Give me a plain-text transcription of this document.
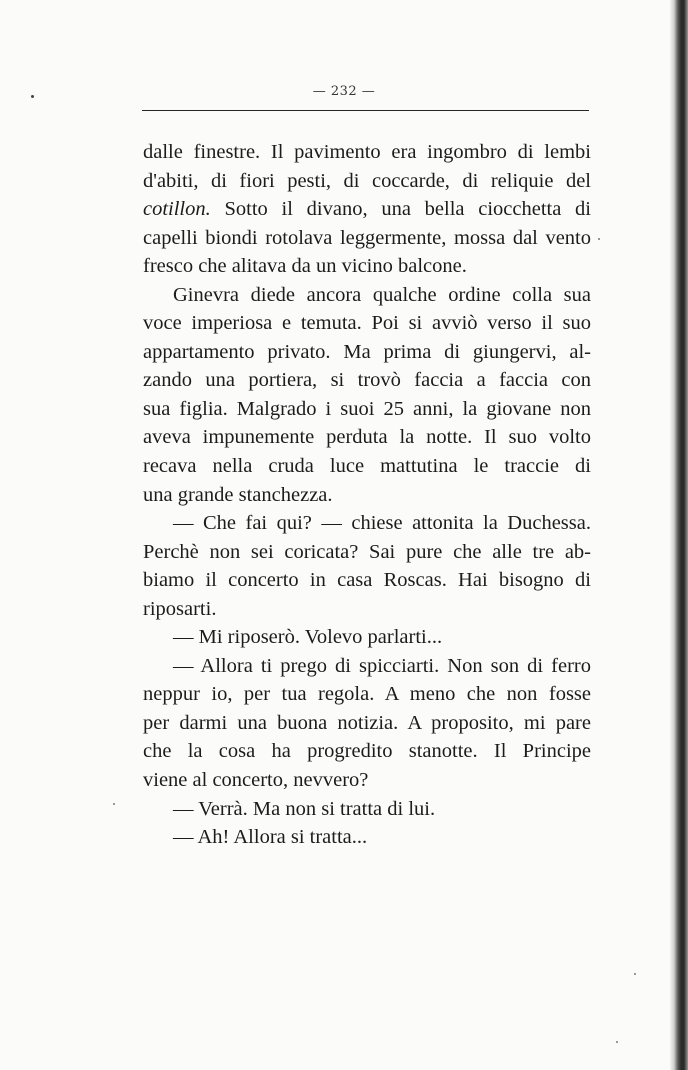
— 232 —
dalle finestre. Il pavimento era ingombro di lembi
d'abiti, di fiori pesti, di coccarde, di reliquie del
cotillon. Sotto il divano, una bella ciocchetta di
capelli biondi rotolava leggermente, mossa dal vento
fresco che alitava da un vicino balcone.
Ginevra diede ancora qualche ordine colla sua
voce imperiosa e temuta. Poi si avviò verso il suo
appartamento privato. Ma prima di giungervi, al-
zando una portiera, si trovò faccia a faccia con
sua figlia. Malgrado i suoi 25 anni, la giovane non
aveva impunemente perduta la notte. Il suo volto
recava nella cruda luce mattutina le traccie di
una grande stanchezza.
— Che fai qui? — chiese attonita la Duchessa.
Perchè non sei coricata? Sai pure che alle tre ab-
biamo il concerto in casa Roscas. Hai bisogno di
riposarti.
— Mi riposerò. Volevo parlarti...
— Allora ti prego di spicciarti. Non son di ferro
neppur io, per tua regola. A meno che non fosse
per darmi una buona notizia. A proposito, mi pare
che la cosa ha progredito stanotte. Il Principe
viene al concerto, nevvero?
— Verrà. Ma non si tratta di lui.
— Ah! Allora si tratta...
